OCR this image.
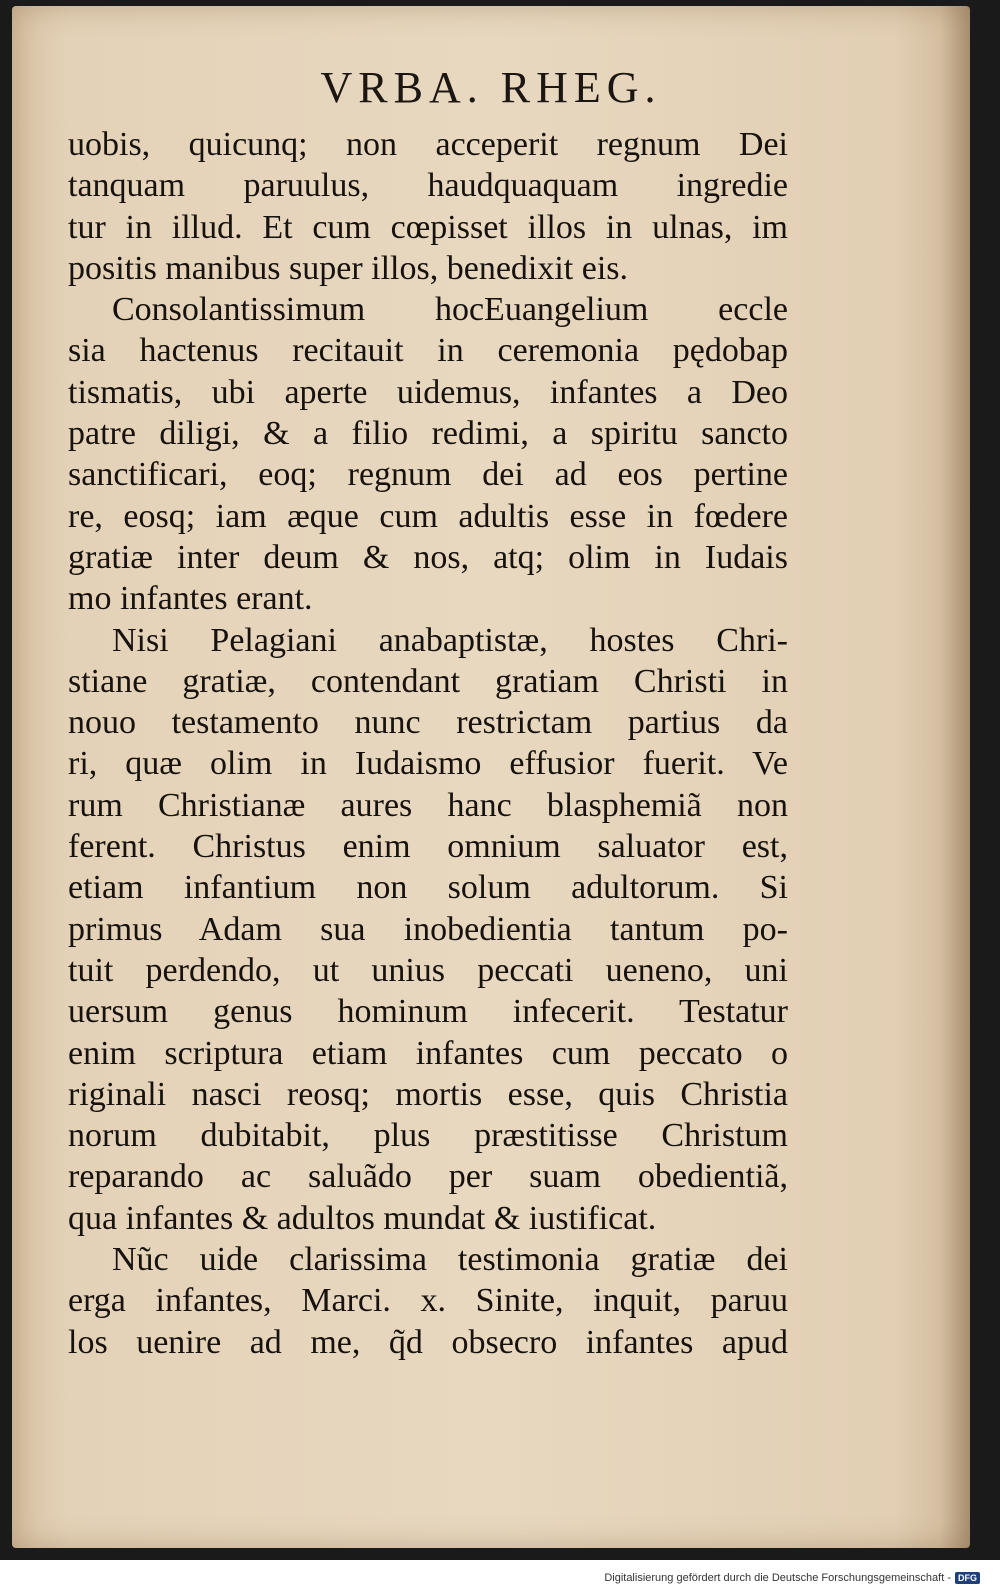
VRBA. RHEG.
uobis, quicunq; non acceperit regnum Dei
tanquam paruulus, haudquaquam ingredie
tur in illud. Et cum cœpisset illos in ulnas, im
positis manibus super illos, benedixit eis.
Consolantissimum hocEuangelium eccle
sia hactenus recitauit in ceremonia pędobap
tismatis, ubi aperte uidemus, infantes a Deo
patre diligi, & a filio redimi, a spiritu sancto
sanctificari, eoq; regnum dei ad eos pertine
re, eosq; iam æque cum adultis esse in fœdere
gratiæ inter deum & nos, atq; olim in Iudais
mo infantes erant.
Nisi Pelagiani anabaptistæ, hostes Chri-
stiane gratiæ, contendant gratiam Christi in
nouo testamento nunc restrictam partius da
ri, quæ olim in Iudaismo effusior fuerit. Ve
rum Christianæ aures hanc blasphemiã non
ferent. Christus enim omnium saluator est,
etiam infantium non solum adultorum. Si
primus Adam sua inobedientia tantum po-
tuit perdendo, ut unius peccati ueneno, uni
uersum genus hominum infecerit. Testatur
enim scriptura etiam infantes cum peccato o
riginali nasci reosq; mortis esse, quis Christia
norum dubitabit, plus præstitisse Christum
reparando ac saluãdo per suam obedientiã,
qua infantes & adultos mundat & iustificat.
Nũc uide clarissima testimonia gratiæ dei
erga infantes, Marci. x. Sinite, inquit, paruu
los uenire ad me, q̃d obsecro infantes apud
Digitalisierung gefördert durch die Deutsche Forschungsgemeinschaft - DFG
